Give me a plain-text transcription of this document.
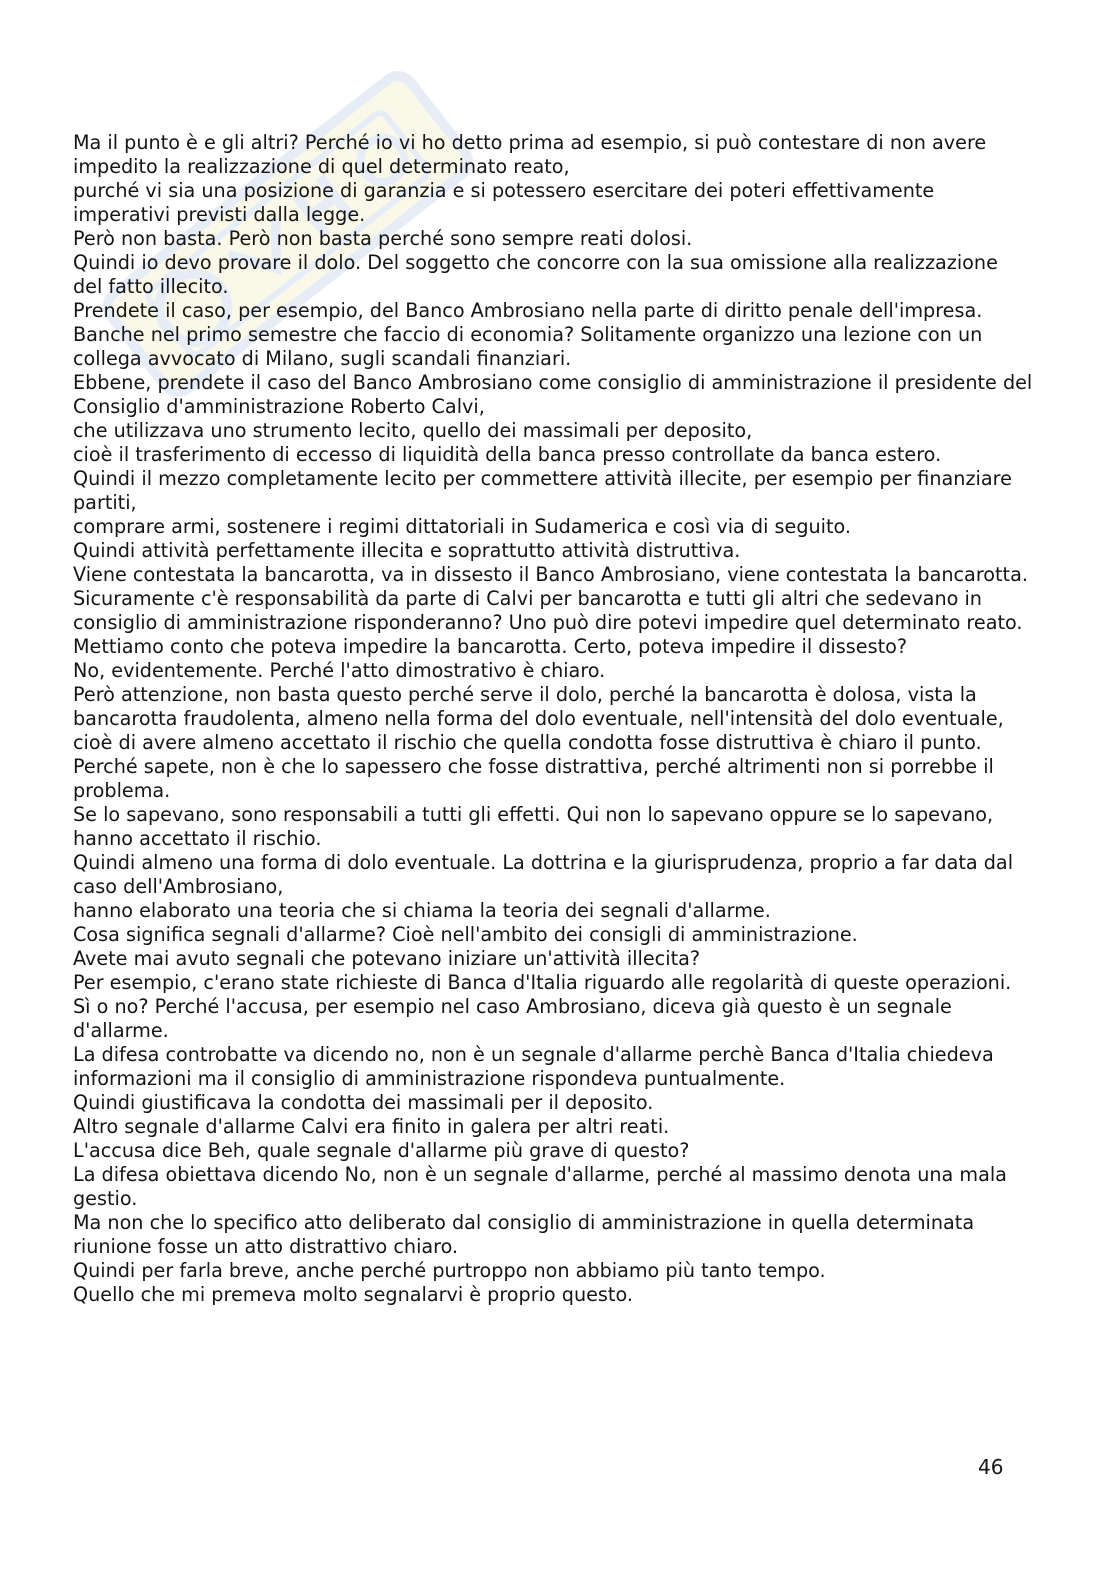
Ma il punto è e gli altri? Perché io vi ho detto prima ad esempio, si può contestare di non avere impedito la realizzazione di quel determinato reato,

purché vi sia una posizione di garanzia e si potessero esercitare dei poteri effettivamente imperativi previsti dalla legge.

Però non basta. Però non basta perché sono sempre reati dolosi.

Quindi io devo provare il dolo. Del soggetto che concorre con la sua omissione alla realizzazione del fatto illecito.

Prendete il caso, per esempio, del Banco Ambrosiano nella parte di diritto penale dell'impresa.

Banche nel primo semestre che faccio di economia? Solitamente organizzo una lezione con un collega avvocato di Milano, sugli scandali finanziari.

Ebbene, prendete il caso del Banco Ambrosiano come consiglio di amministrazione il presidente del Consiglio d'amministrazione Roberto Calvi,

che utilizzava uno strumento lecito, quello dei massimali per deposito,

cioè il trasferimento di eccesso di liquidità della banca presso controllate da banca estero.

Quindi il mezzo completamente lecito per commettere attività illecite, per esempio per finanziare partiti,

comprare armi, sostenere i regimi dittatoriali in Sudamerica e così via di seguito.

Quindi attività perfettamente illecita e soprattutto attività distruttiva.

Viene contestata la bancarotta, va in dissesto il Banco Ambrosiano, viene contestata la bancarotta.

Sicuramente c'è responsabilità da parte di Calvi per bancarotta e tutti gli altri che sedevano in consiglio di amministrazione risponderanno? Uno può dire potevi impedire quel determinato reato.

Mettiamo conto che poteva impedire la bancarotta. Certo, poteva impedire il dissesto?

No, evidentemente. Perché l'atto dimostrativo è chiaro.

Però attenzione, non basta questo perché serve il dolo, perché la bancarotta è dolosa, vista la bancarotta fraudolenta, almeno nella forma del dolo eventuale, nell'intensità del dolo eventuale, cioè di avere almeno accettato il rischio che quella condotta fosse distruttiva è chiaro il punto.

Perché sapete, non è che lo sapessero che fosse distrattiva, perché altrimenti non si porrebbe il problema.

Se lo sapevano, sono responsabili a tutti gli effetti. Qui non lo sapevano oppure se lo sapevano, hanno accettato il rischio.

Quindi almeno una forma di dolo eventuale. La dottrina e la giurisprudenza, proprio a far data dal caso dell'Ambrosiano,

hanno elaborato una teoria che si chiama la teoria dei segnali d'allarme.

Cosa significa segnali d'allarme? Cioè nell'ambito dei consigli di amministrazione.

Avete mai avuto segnali che potevano iniziare un'attività illecita?

Per esempio, c'erano state richieste di Banca d'Italia riguardo alle regolarità di queste operazioni.

Sì o no? Perché l'accusa, per esempio nel caso Ambrosiano, diceva già questo è un segnale d'allarme.

La difesa controbatte va dicendo no, non è un segnale d'allarme perchè Banca d'Italia chiedeva informazioni ma il consiglio di amministrazione rispondeva puntualmente.

Quindi giustificava la condotta dei massimali per il deposito.

Altro segnale d'allarme Calvi era finito in galera per altri reati.

L'accusa dice Beh, quale segnale d'allarme più grave di questo?

La difesa obiettava dicendo No, non è un segnale d'allarme, perché al massimo denota una mala gestio.

Ma non che lo specifico atto deliberato dal consiglio di amministrazione in quella determinata riunione fosse un atto distrattivo chiaro.

Quindi per farla breve, anche perché purtroppo non abbiamo più tanto tempo.

Quello che mi premeva molto segnalarvi è proprio questo.

46
